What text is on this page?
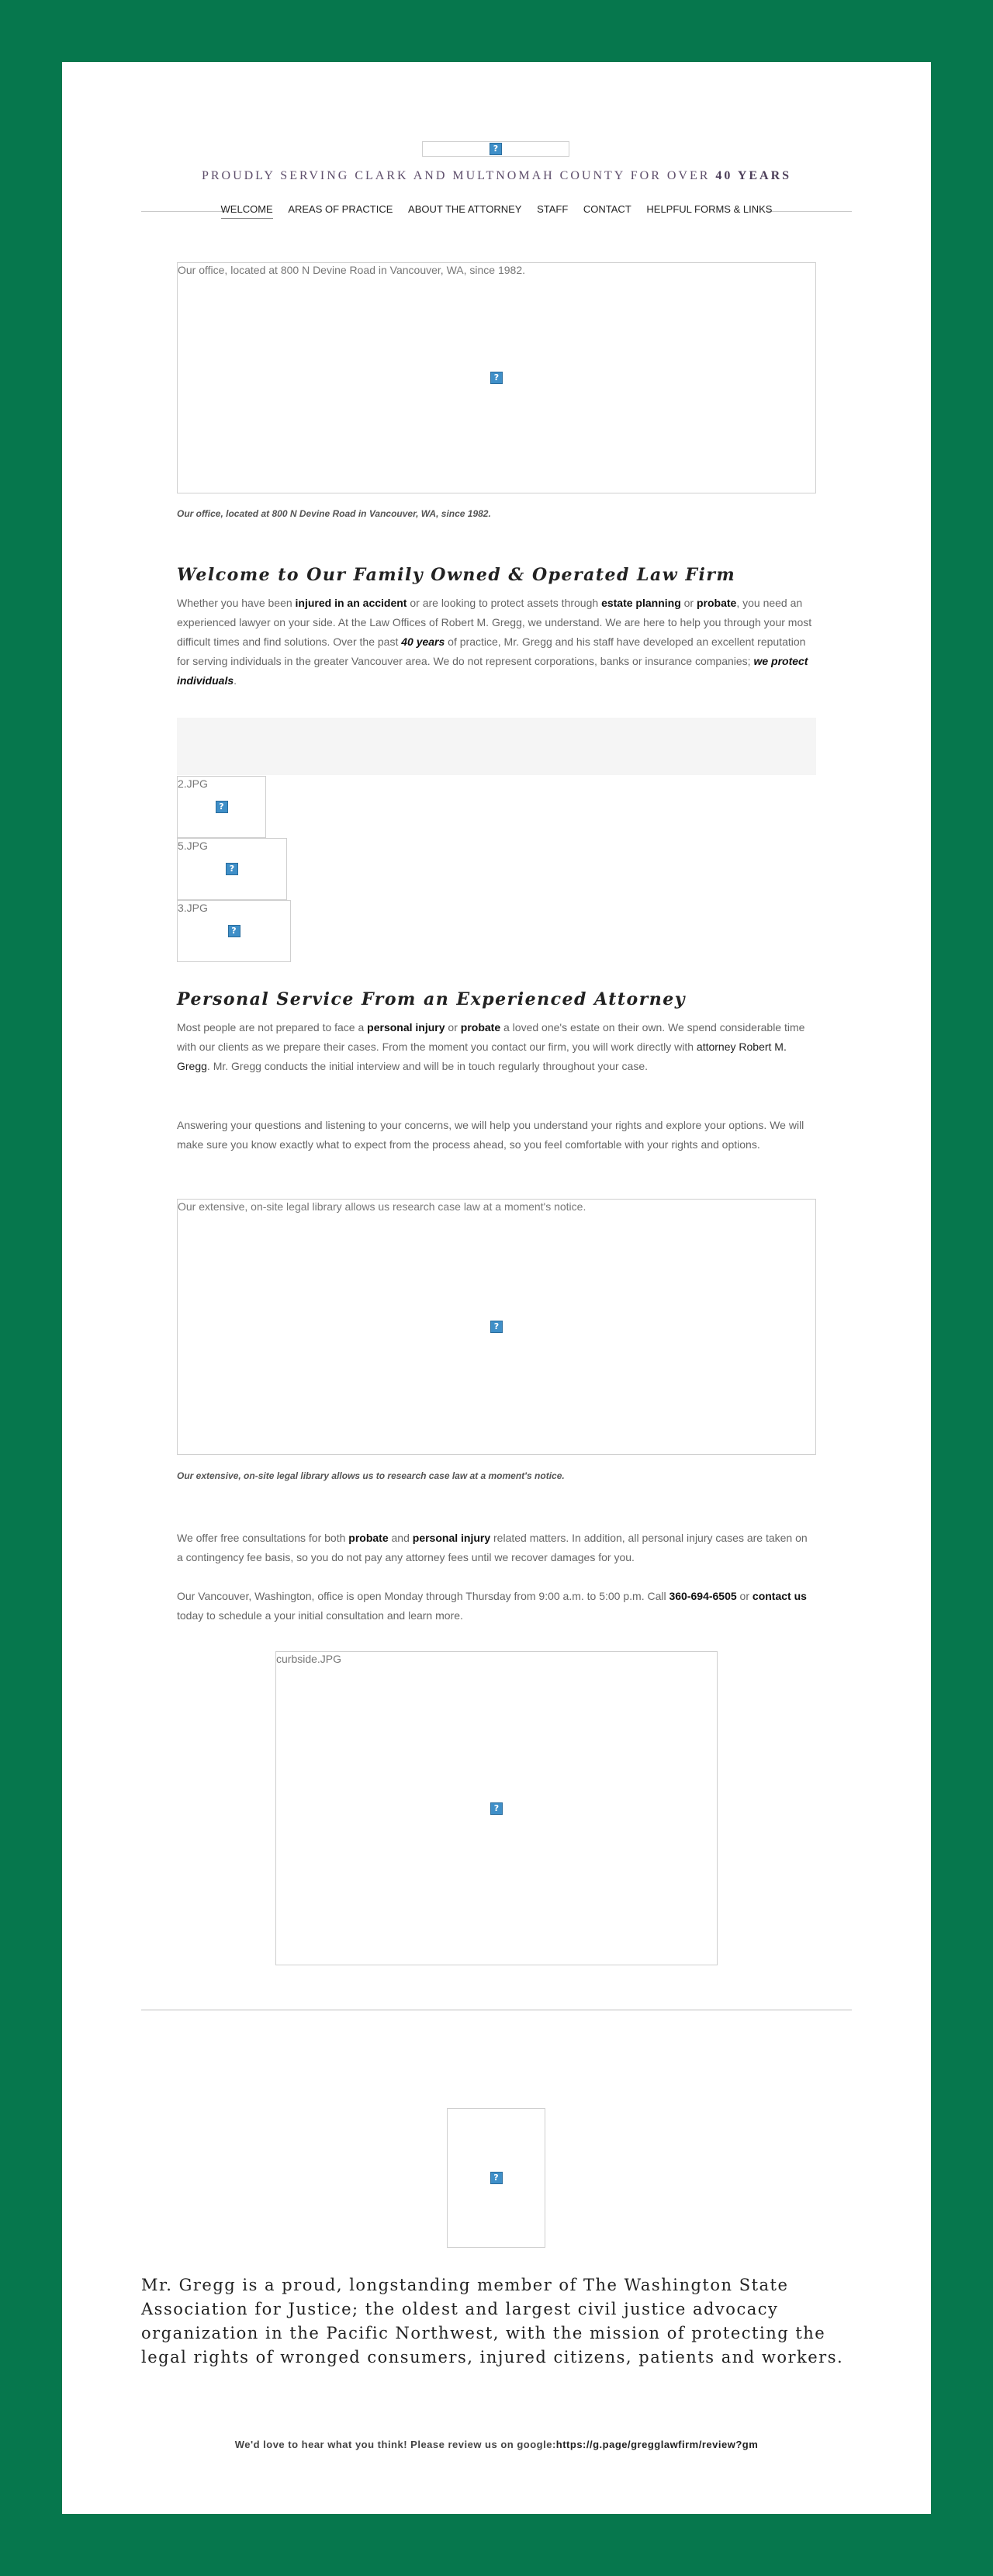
?
PROUDLY SERVING CLARK AND MULTNOMAH COUNTY FOR OVER 40 YEARS
WELCOME AREAS OF PRACTICE ABOUT THE ATTORNEY STAFF CONTACT HELPFUL FORMS & LINKS
Our office, located at 800 N Devine Road in Vancouver, WA, since 1982.
?
Our office, located at 800 N Devine Road in Vancouver, WA, since 1982.
Welcome to Our Family Owned & Operated Law Firm
Whether you have been injured in an accident or are looking to protect assets through estate planning or probate, you need an experienced lawyer on your side. At the Law Offices of Robert M. Gregg, we understand. We are here to help you through your most difficult times and find solutions. Over the past 40 years of practice, Mr. Gregg and his staff have developed an excellent reputation for serving individuals in the greater Vancouver area. We do not represent corporations, banks or insurance companies; we protect individuals.
2.JPG
?
5.JPG
?
3.JPG
?
Personal Service From an Experienced Attorney
Most people are not prepared to face a personal injury or probate a loved one's estate on their own. We spend considerable time with our clients as we prepare their cases. From the moment you contact our firm, you will work directly with attorney Robert M. Gregg. Mr. Gregg conducts the initial interview and will be in touch regularly throughout your case.
Answering your questions and listening to your concerns, we will help you understand your rights and explore your options. We will make sure you know exactly what to expect from the process ahead, so you feel comfortable with your rights and options.
Our extensive, on-site legal library allows us research case law at a moment's notice.
?
Our extensive, on-site legal library allows us to research case law at a moment's notice.
We offer free consultations for both probate and personal injury related matters. In addition, all personal injury cases are taken on a contingency fee basis, so you do not pay any attorney fees until we recover damages for you.
Our Vancouver, Washington, office is open Monday through Thursday from 9:00 a.m. to 5:00 p.m. Call 360-694-6505 or contact us today to schedule a your initial consultation and learn more.
curbside.JPG
?
?
Mr. Gregg is a proud, longstanding member of The Washington State Association for Justice; the oldest and largest civil justice advocacy organization in the Pacific Northwest, with the mission of protecting the legal rights of wronged consumers, injured citizens, patients and workers.
We'd love to hear what you think! Please review us on google:https://g.page/gregglawfirm/review?gm
